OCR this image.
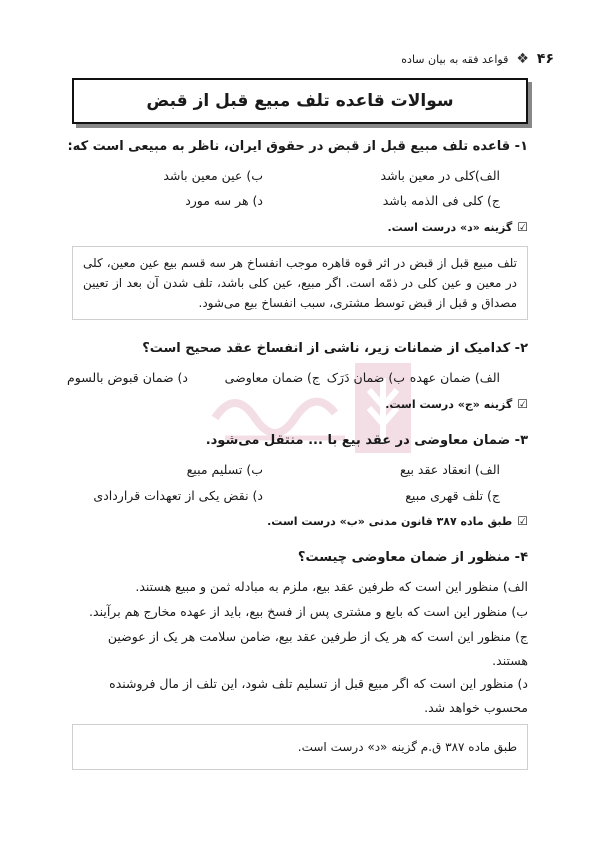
۴۶
❖
قواعد فقه به بیان ساده
سوالات قاعده تلف مبیع قبل از قبض
۱- قاعده تلف مبیع قبل از قبض در حقوق ایران، ناظر به مبیعی است که:
الف)کلی در معین باشد
ب) عین معین باشد
ج) کلی فی الذمه باشد
د) هر سه مورد
☑
گزینه «د» درست است.
تلف مبیع قبل از قبض در اثر قوه قاهره موجب انفساخ هر سه قسم بیع عین معین، کلی در معین و عین کلی در ذمّه است. اگر مبیع، عین کلی باشد، تلف شدن آن بعد از تعیین مصداق و قبل از قبض توسط مشتری، سبب انفساخ بیع می‌شود.
۲- کدامیک از ضمانات زیر، ناشی از انفساخ عقد صحیح است؟
الف) ضمان عهده
ب) ضمان دَرَک
ج) ضمان معاوضی
د) ضمان قبوض بالسوم
☑
گزینه «ج» درست است.
۳- ضمان معاوضی در عقد بیع با ... منتقل می‌شود.
الف) انعقاد عقد بیع
ب) تسلیم مبیع
ج) تلف قهری مبیع
د) نقض یکی از تعهدات قراردادی
☑
طبق ماده ۳۸۷ قانون مدنی «ب» درست است.
۴- منظور از ضمان معاوضی چیست؟
الف) منظور این است که طرفین عقد بیع، ملزم به مبادله ثمن و مبیع هستند.
ب) منظور این است که بایع و مشتری پس از فسخ بیع، باید از عهده مخارج هم برآیند.
ج) منظور این است که هر یک از طرفین عقد بیع، ضامن سلامت هر یک از عوضین
هستند.
د) منظور این است که اگر مبیع قبل از تسلیم تلف شود، این تلف از مال فروشنده
محسوب خواهد شد.
طبق ماده ۳۸۷ ق.م گزینه «د» درست است.
